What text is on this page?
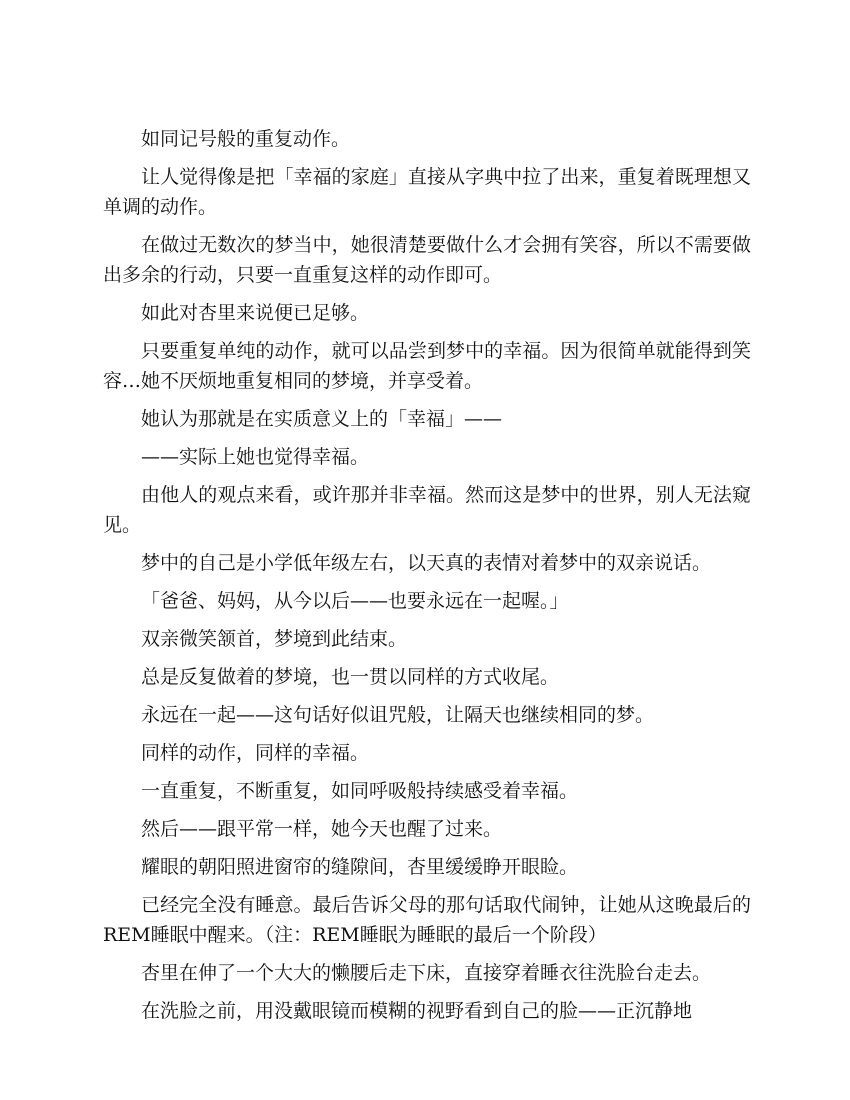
如同记号般的重复动作。

让人觉得像是把「幸福的家庭」直接从字典中拉了出来，重复着既理想又单调的动作。

在做过无数次的梦当中，她很清楚要做什么才会拥有笑容，所以不需要做出多余的行动，只要一直重复这样的动作即可。

如此对杏里来说便已足够。

只要重复单纯的动作，就可以品尝到梦中的幸福。因为很简单就能得到笑容…她不厌烦地重复相同的梦境，并享受着。

她认为那就是在实质意义上的「幸福」——

——实际上她也觉得幸福。

由他人的观点来看，或许那并非幸福。然而这是梦中的世界，别人无法窥见。

梦中的自己是小学低年级左右，以天真的表情对着梦中的双亲说话。

「爸爸、妈妈，从今以后——也要永远在一起喔。」

双亲微笑颔首，梦境到此结束。

总是反复做着的梦境，也一贯以同样的方式收尾。

永远在一起——这句话好似诅咒般，让隔天也继续相同的梦。

同样的动作，同样的幸福。

一直重复，不断重复，如同呼吸般持续感受着幸福。

然后——跟平常一样，她今天也醒了过来。

耀眼的朝阳照进窗帘的缝隙间，杏里缓缓睁开眼睑。

已经完全没有睡意。最后告诉父母的那句话取代闹钟，让她从这晚最后的REM睡眠中醒来。（注：REM睡眠为睡眠的最后一个阶段）

杏里在伸了一个大大的懒腰后走下床，直接穿着睡衣往洗脸台走去。

在洗脸之前，用没戴眼镜而模糊的视野看到自己的脸——正沉静地
